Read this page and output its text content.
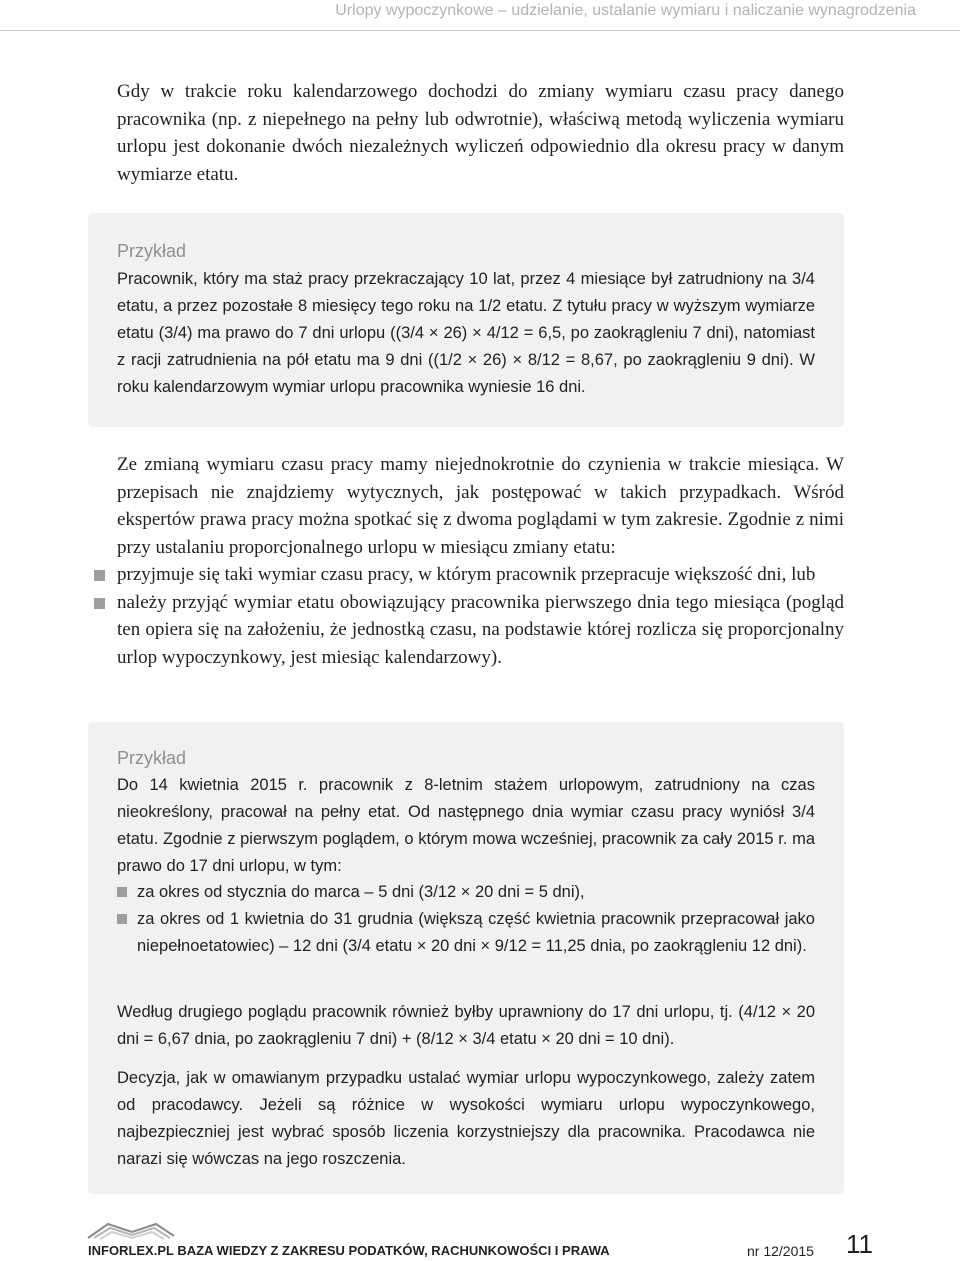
Urlopy wypoczynkowe – udzielanie, ustalanie wymiaru i naliczanie wynagrodzenia

Gdy w trakcie roku kalendarzowego dochodzi do zmiany wymiaru czasu pracy danego pracownika (np. z niepełnego na pełny lub odwrotnie), właściwą metodą wyliczenia wymiaru urlopu jest dokonanie dwóch niezależnych wyliczeń odpowiednio dla okresu pracy w danym wymiarze etatu.

Przykład

Pracownik, który ma staż pracy przekraczający 10 lat, przez 4 miesiące był zatrudniony na 3/4 etatu, a przez pozostałe 8 miesięcy tego roku na 1/2 etatu. Z tytułu pracy w wyższym wymiarze etatu (3/4) ma prawo do 7 dni urlopu ((3/4 × 26) × 4/12 = 6,5, po zaokrągleniu 7 dni), natomiast z racji zatrudnienia na pół etatu ma 9 dni ((1/2 × 26) × 8/12 = 8,67, po zaokrągleniu 9 dni). W roku kalendarzowym wymiar urlopu pracownika wyniesie 16 dni.

Ze zmianą wymiaru czasu pracy mamy niejednokrotnie do czynienia w trakcie miesiąca. W przepisach nie znajdziemy wytycznych, jak postępować w takich przypadkach. Wśród ekspertów prawa pracy można spotkać się z dwoma poglądami w tym zakresie. Zgodnie z nimi przy ustalaniu proporcjonalnego urlopu w miesiącu zmiany etatu:

przyjmuje się taki wymiar czasu pracy, w którym pracownik przepracuje większość dni, lub
należy przyjąć wymiar etatu obowiązujący pracownika pierwszego dnia tego miesiąca (pogląd ten opiera się na założeniu, że jednostką czasu, na podstawie której rozlicza się proporcjonalny urlop wypoczynkowy, jest miesiąc kalendarzowy).
Przykład

Do 14 kwietnia 2015 r. pracownik z 8-letnim stażem urlopowym, zatrudniony na czas nieokreślony, pracował na pełny etat. Od następnego dnia wymiar czasu pracy wyniósł 3/4 etatu. Zgodnie z pierwszym poglądem, o którym mowa wcześniej, pracownik za cały 2015 r. ma prawo do 17 dni urlopu, w tym:

za okres od stycznia do marca – 5 dni (3/12 × 20 dni = 5 dni),
za okres od 1 kwietnia do 31 grudnia (większą część kwietnia pracownik przepracował jako niepełnoetatowiec) – 12 dni (3/4 etatu × 20 dni × 9/12 = 11,25 dnia, po zaokrągleniu 12 dni).

Według drugiego poglądu pracownik również byłby uprawniony do 17 dni urlopu, tj. (4/12 × 20 dni = 6,67 dnia, po zaokrągleniu 7 dni) + (8/12 × 3/4 etatu × 20 dni = 10 dni).

Decyzja, jak w omawianym przypadku ustalać wymiar urlopu wypoczynkowego, zależy zatem od pracodawcy. Jeżeli są różnice w wysokości wymiaru urlopu wypoczynkowego, najbezpieczniej jest wybrać sposób liczenia korzystniejszy dla pracownika. Pracodawca nie narazi się wówczas na jego roszczenia.

INFORLEX.PL BAZA WIEDZY Z ZAKRESU PODATKÓW, RACHUNKOWOŚCI I PRAWA	nr 12/2015 11
